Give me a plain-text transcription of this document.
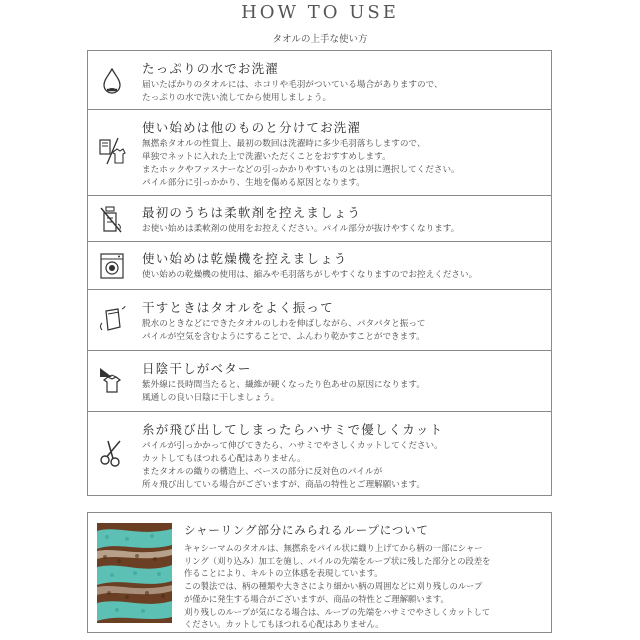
HOW TO USE
タオルの上手な使い方
たっぷりの水でお洗濯
届いたばかりのタオルには、ホコリや毛羽がついている場合がありますので、
たっぷりの水で洗い流してから使用しましょう。
使い始めは他のものと分けてお洗濯
無撚糸タオルの性質上、最初の数回は洗濯時に多少毛羽落ちしますので、
単独でネットに入れた上で洗濯いただくことをおすすめします。
またホックやファスナーなどの引っかかりやすいものとは別に選択してください。
パイル部分に引っかかり、生地を傷める原因となります。
最初のうちは柔軟剤を控えましょう
お使い始めは柔軟剤の使用をお控えください。パイル部分が抜けやすくなります。
使い始めは乾燥機を控えましょう
使い始めの乾燥機の使用は、縮みや毛羽落ちがしやすくなりますのでお控えください。
干すときはタオルをよく振って
脱水のときなどにできたタオルのしわを伸ばしながら、パタパタと振って
パイルが空気を含むようにすることで、ふんわり乾かすことができます。
日陰干しがベター
紫外線に長時間当たると、繊維が硬くなったり色あせの原因になります。
風通しの良い日陰に干しましょう。
糸が飛び出してしまったらハサミで優しくカット
パイルが引っかかって伸びてきたら、ハサミでやさしくカットしてください。
カットしてもほつれる心配はありません。
またタオルの織りの構造上、ベースの部分に反対色のパイルが
所々飛び出している場合がございますが、商品の特性とご理解願います。
シャーリング部分にみられるループについて
キャシーマムのタオルは、無撚糸をパイル状に織り上げてから柄の一部にシャー
リング（刈り込み）加工を施し、パイルの先端をループ状に残した部分との段差を
作ることにより、キルトの立体感を表現しています。
この製法では、柄の種類や大きさにより細かい柄の周囲などに刈り残しのループ
が僅かに発生する場合がございますが、商品の特性とご理解願います。
刈り残しのループが気になる場合は、ループの先端をハサミでやさしくカットして
ください。カットしてもほつれる心配はありません。
